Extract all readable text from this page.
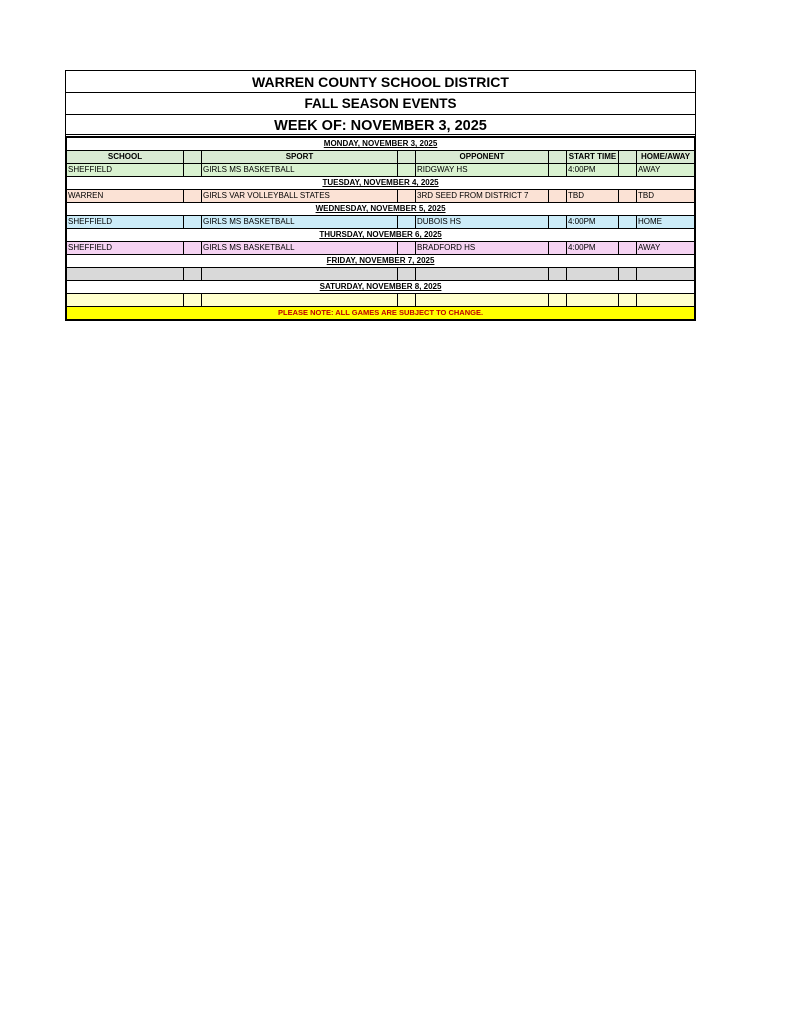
WARREN COUNTY SCHOOL DISTRICT
FALL SEASON EVENTS
WEEK OF: NOVEMBER 3, 2025
MONDAY, NOVEMBER 3, 2025								
SCHOOL		SPORT		OPPONENT		START TIME		HOME/AWAY
SHEFFIELD		GIRLS MS BASKETBALL		RIDGWAY HS		4:00PM		AWAY
TUESDAY, NOVEMBER 4, 2025								
WARREN		GIRLS VAR VOLLEYBALL STATES		3RD SEED FROM DISTRICT 7		TBD		TBD
WEDNESDAY, NOVEMBER 5, 2025								
SHEFFIELD		GIRLS MS BASKETBALL		DUBOIS HS		4:00PM		HOME
THURSDAY, NOVEMBER 6, 2025								
SHEFFIELD		GIRLS MS BASKETBALL		BRADFORD HS		4:00PM		AWAY
FRIDAY, NOVEMBER 7, 2025								

SATURDAY, NOVEMBER 8, 2025								

PLEASE NOTE: ALL GAMES ARE SUBJECT TO CHANGE.								
